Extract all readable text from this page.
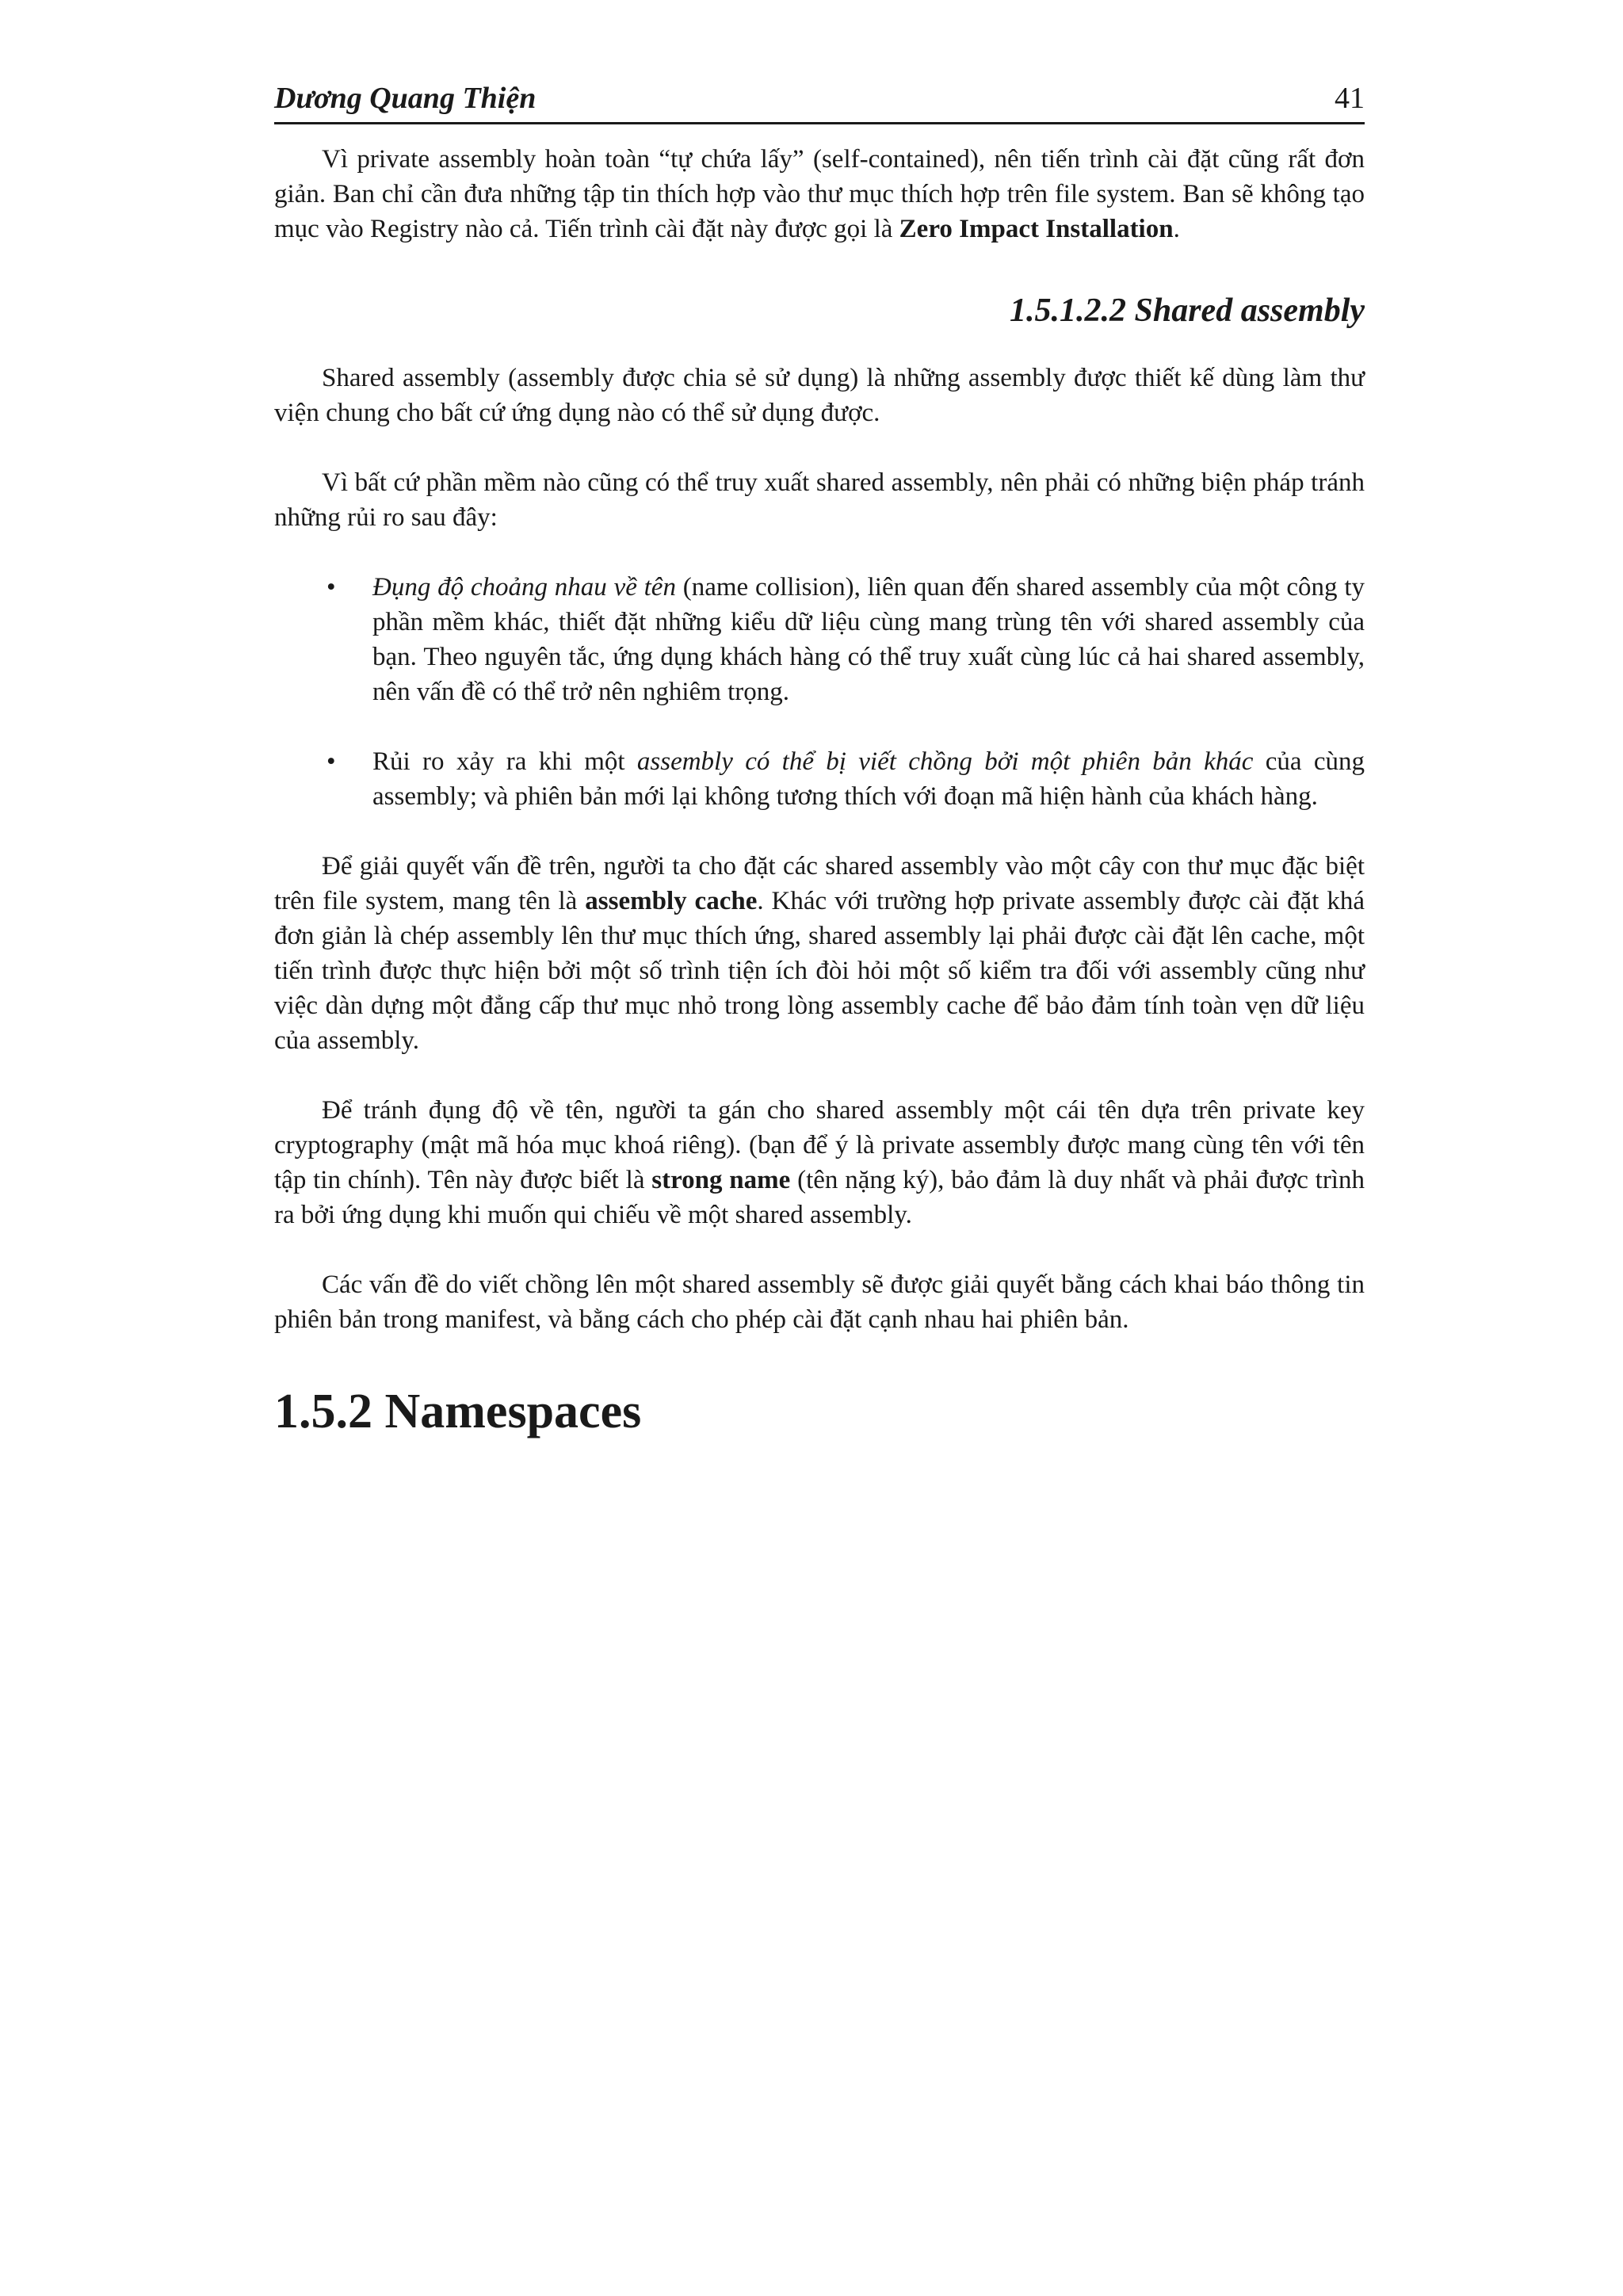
Dương Quang Thiện	41

Vì private assembly hoàn toàn “tự chứa lấy” (self-contained), nên tiến trình cài đặt cũng rất đơn giản. Ban chỉ cần đưa những tập tin thích hợp vào thư mục thích hợp trên file system. Ban sẽ không tạo mục vào Registry nào cả. Tiến trình cài đặt này được gọi là Zero Impact Installation.

1.5.1.2.2 Shared assembly

Shared assembly (assembly được chia sẻ sử dụng) là những assembly được thiết kế dùng làm thư viện chung cho bất cứ ứng dụng nào có thể sử dụng được.

Vì bất cứ phần mềm nào cũng có thể truy xuất shared assembly, nên phải có những biện pháp tránh những rủi ro sau đây:

• Đụng độ choảng nhau về tên (name collision), liên quan đến shared assembly của một công ty phần mềm khác, thiết đặt những kiểu dữ liệu cùng mang trùng tên với shared assembly của bạn. Theo nguyên tắc, ứng dụng khách hàng có thể truy xuất cùng lúc cả hai shared assembly, nên vấn đề có thể trở nên nghiêm trọng.
• Rủi ro xảy ra khi một assembly có thể bị viết chồng bởi một phiên bản khác của cùng assembly; và phiên bản mới lại không tương thích với đoạn mã hiện hành của khách hàng.

Để giải quyết vấn đề trên, người ta cho đặt các shared assembly vào một cây con thư mục đặc biệt trên file system, mang tên là assembly cache. Khác với trường hợp private assembly được cài đặt khá đơn giản là chép assembly lên thư mục thích ứng, shared assembly lại phải được cài đặt lên cache, một tiến trình được thực hiện bởi một số trình tiện ích đòi hỏi một số kiểm tra đối với assembly cũng như việc dàn dựng một đẳng cấp thư mục nhỏ trong lòng assembly cache để bảo đảm tính toàn vẹn dữ liệu của assembly.

Để tránh đụng độ về tên, người ta gán cho shared assembly một cái tên dựa trên private key cryptography (mật mã hóa mục khoá riêng). (bạn để ý là private assembly được mang cùng tên với tên tập tin chính). Tên này được biết là strong name (tên nặng ký), bảo đảm là duy nhất và phải được trình ra bởi ứng dụng khi muốn qui chiếu về một shared assembly.

Các vấn đề do viết chồng lên một shared assembly sẽ được giải quyết bằng cách khai báo thông tin phiên bản trong manifest, và bằng cách cho phép cài đặt cạnh nhau hai phiên bản.

1.5.2 Namespaces
